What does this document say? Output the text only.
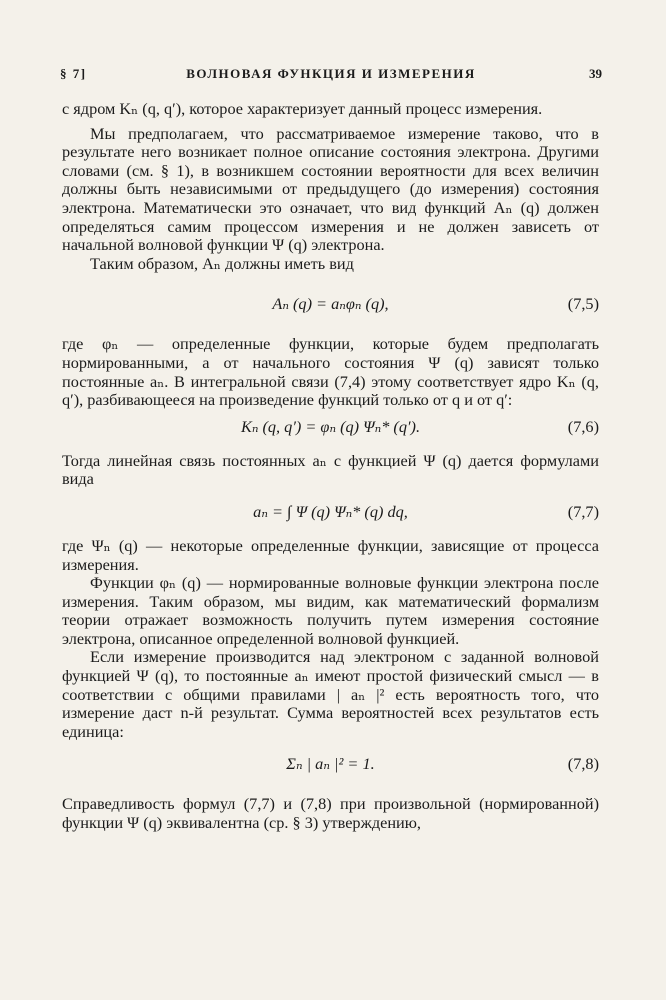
§ 7]	ВОЛНОВАЯ ФУНКЦИЯ И ИЗМЕРЕНИЯ	39

с ядром Kₙ (q, q′), которое характеризует данный процесс измерения.

Мы предполагаем, что рассматриваемое измерение таково, что в результате него возникает полное описание состояния электрона. Другими словами (см. § 1), в возникшем состоянии вероятности для всех величин должны быть независимыми от предыдущего (до измерения) состояния электрона. Математически это означает, что вид функций Aₙ (q) должен определяться самим процессом измерения и не должен зависеть от начальной волновой функции Ψ (q) электрона.

Таким образом, Aₙ должны иметь вид

Aₙ (q) = aₙφₙ (q),	(7,5)

где φₙ — определенные функции, которые будем предполагать нормированными, а от начального состояния Ψ (q) зависят только постоянные aₙ. В интегральной связи (7,4) этому соответствует ядро Kₙ (q, q′), разбивающееся на произведение функций только от q и от q′:

Kₙ (q, q′) = φₙ (q) Ψₙ* (q′).	(7,6)

Тогда линейная связь постоянных aₙ с функцией Ψ (q) дается формулами вида

aₙ = ∫ Ψ (q) Ψₙ* (q) dq,	(7,7)

где Ψₙ (q) — некоторые определенные функции, зависящие от процесса измерения.

Функции φₙ (q) — нормированные волновые функции электрона после измерения. Таким образом, мы видим, как математический формализм теории отражает возможность получить путем измерения состояние электрона, описанное определенной волновой функцией.

Если измерение производится над электроном с заданной волновой функцией Ψ (q), то постоянные aₙ имеют простой физический смысл — в соответствии с общими правилами | aₙ |² есть вероятность того, что измерение даст n-й результат. Сумма вероятностей всех результатов есть единица:

Σₙ | aₙ |² = 1.	(7,8)

Справедливость формул (7,7) и (7,8) при произвольной (нормированной) функции Ψ (q) эквивалентна (ср. § 3) утверждению,
